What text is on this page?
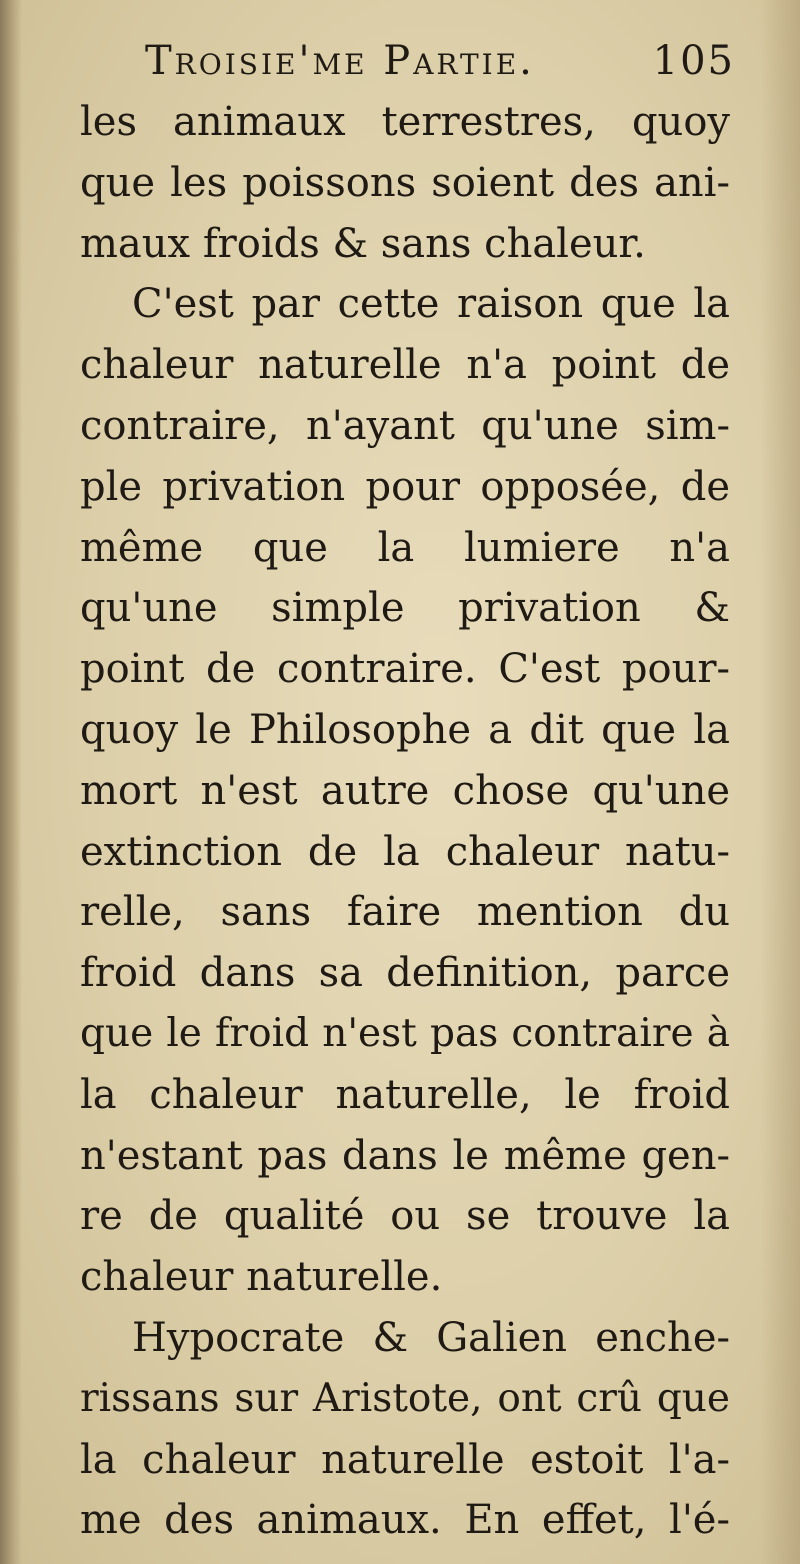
Troisie'me Partie.	105
les animaux terrestres, quoy
que les poissons soient des ani-
maux froids & sans chaleur.
C'est par cette raison que la
chaleur naturelle n'a point de
contraire, n'ayant qu'une sim-
ple privation pour opposée, de
même que la lumiere n'a
qu'une simple privation &
point de contraire. C'est pour-
quoy le Philosophe a dit que la
mort n'est autre chose qu'une
extinction de la chaleur natu-
relle, sans faire mention du
froid dans sa definition, parce
que le froid n'est pas contraire à
la chaleur naturelle, le froid
n'estant pas dans le même gen-
re de qualité ou se trouve la
chaleur naturelle.
Hypocrate & Galien enche-
rissans sur Aristote, ont crû que
la chaleur naturelle estoit l'a-
me des animaux. En effet, l'é-
